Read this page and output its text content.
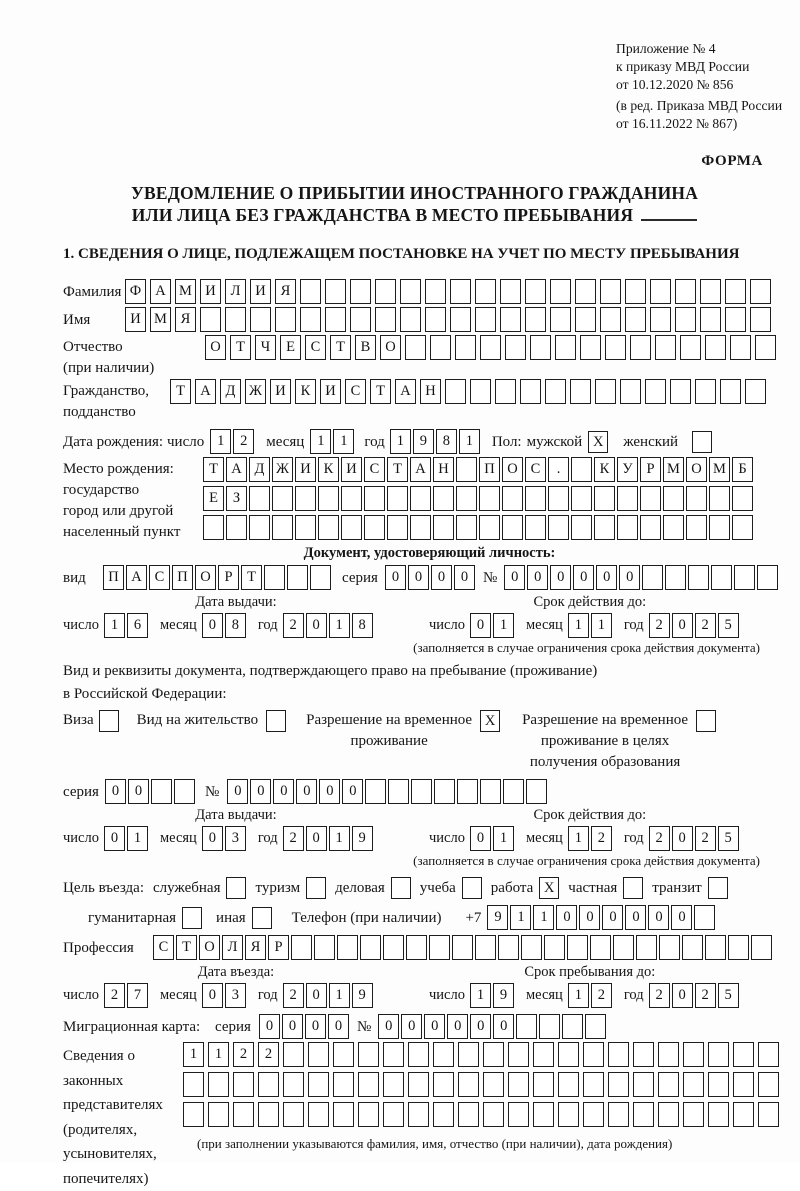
Приложение № 4
к приказу МВД России
от 10.12.2020 № 856
(в ред. Приказа МВД России
от 16.11.2022 № 867)
ФОРМА
УВЕДОМЛЕНИЕ О ПРИБЫТИИ ИНОСТРАННОГО ГРАЖДАНИНА
ИЛИ ЛИЦА БЕЗ ГРАЖДАНСТВА В МЕСТО ПРЕБЫВАНИЯ
1. СВЕДЕНИЯ О ЛИЦЕ, ПОДЛЕЖАЩЕМ ПОСТАНОВКЕ НА УЧЕТ ПО МЕСТУ ПРЕБЫВАНИЯ
Фамилия Ф А М И	Л	И	Я
Имя	И М Я
Отчество
(при наличии)
О	Т	Ч	Е	С	Т	В	О
Гражданство,
подданство
Т	А	Д Ж И	К	И	С	Т	А	Н
Дата рождения: число 1	2	месяц 1	1	год 1	9	8	1	Пол: мужской X	женский
Место рождения:
государство
город или другой
населенный пункт
Т А Д Ж И К И С Т А Н	П О С	.	К У Р М О М Б
Е	З
Документ, удостоверяющий личность:
вид	П А С П О Р	Т	серия 0	0	0	0 № 0	0	0	0	0	0
Дата выдачи:
число 1	6	месяц 0	8	год 2	0	1	8
Срок действия до:
число 0	1	месяц 1	1	год 2	0	2	5
(заполняется в случае ограничения срока действия документа)
Вид и реквизиты документа, подтверждающего право на пребывание (проживание)
в Российской Федерации:
Виза	Вид на жительство	Разрешение на временное
проживание
X	Разрешение на временное
проживание в целях
получения образования
серия 0	0	№	0	0	0	0	0	0
Дата выдачи:
число 0	1	месяц 0	3	год 2	0	1	9
Срок действия до:
число 0	1	месяц 1	2	год 2	0	2	5
(заполняется в случае ограничения срока действия документа)
Цель въезда: служебная туризм деловая учеба работа X частная транзит
гуманитарная	иная	Телефон (при наличии) +7 9	1	1	0	0	0	0	0	0
Профессия	С Т О Л Я Р
Дата въезда:
число 2	7	месяц 0	3	год 2	0	1	9
Срок пребывания до:
число 1	9	месяц 1	2	год 2	0	2	5
Миграционная карта: серия	0	0	0	0 № 0	0	0	0	0	0
Сведения о
законных
представителях
(родителях,
усыновителях,
попечителях)
1	1	2	2
(при заполнении указываются фамилия, имя, отчество (при наличии), дата рождения)
